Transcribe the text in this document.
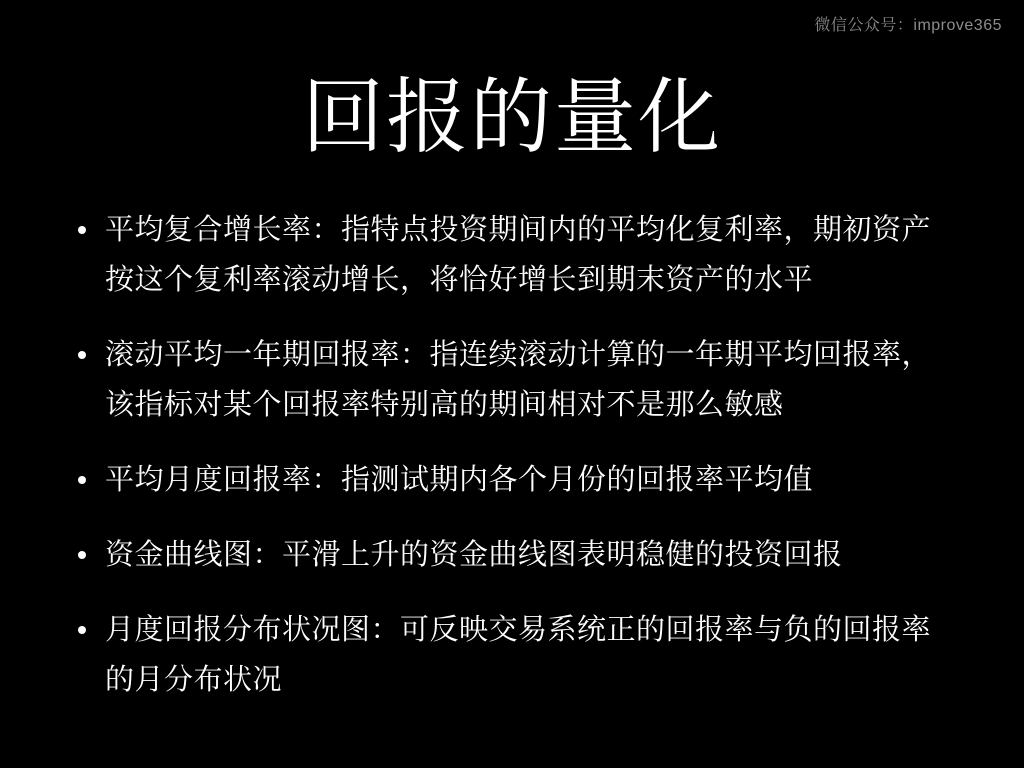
微信公众号：improve365
回报的量化
平均复合增长率：指特点投资期间内的平均化复利率，期初资产按这个复利率滚动增长，将恰好增长到期末资产的水平
滚动平均一年期回报率：指连续滚动计算的一年期平均回报率，该指标对某个回报率特别高的期间相对不是那么敏感
平均月度回报率：指测试期内各个月份的回报率平均值
资金曲线图：平滑上升的资金曲线图表明稳健的投资回报
月度回报分布状况图：可反映交易系统正的回报率与负的回报率的月分布状况
